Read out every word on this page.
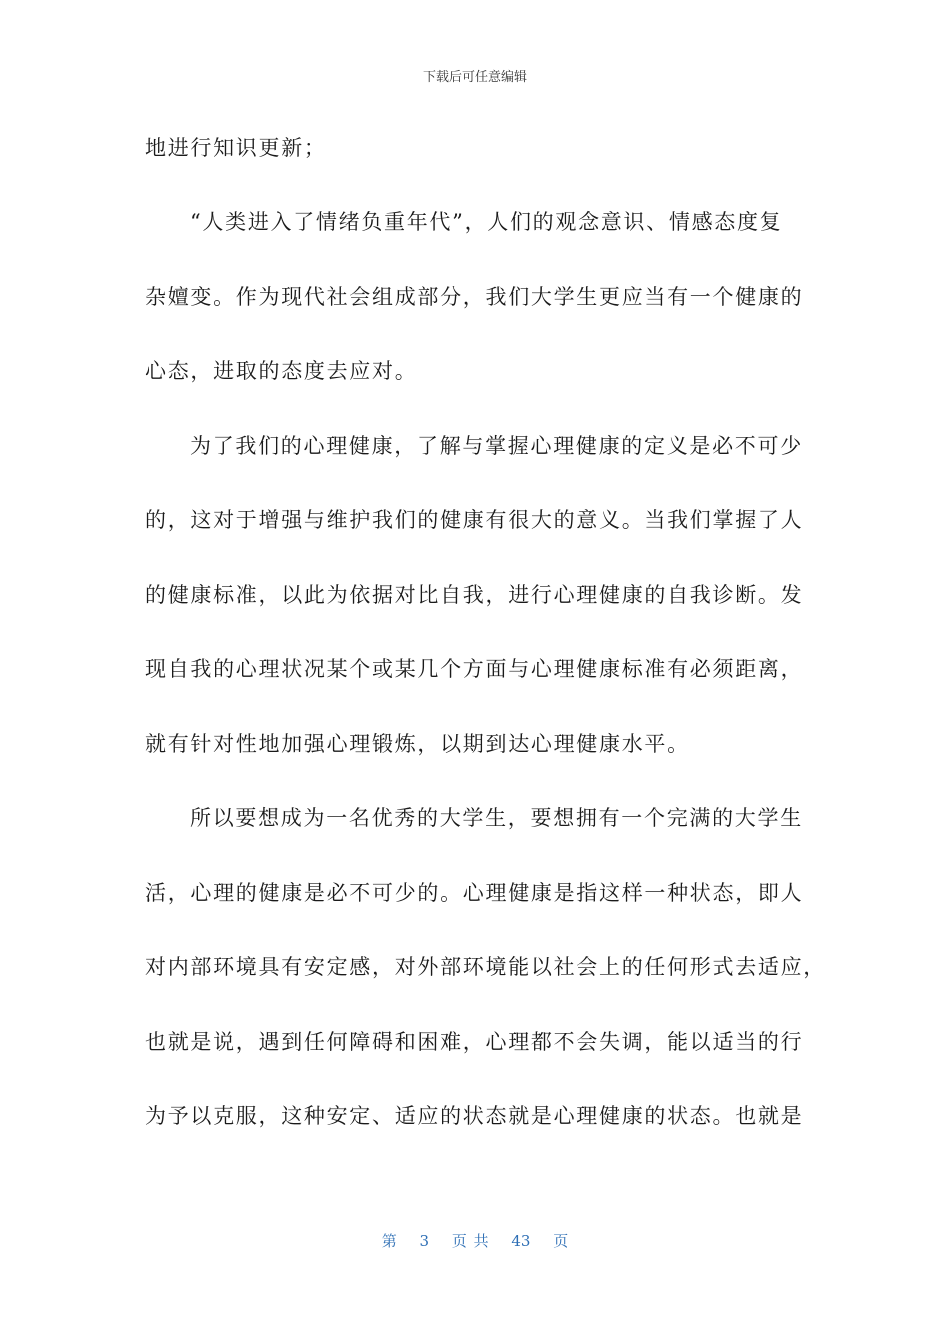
下载后可任意编辑
地进行知识更新；
“人类进入了情绪负重年代”，人们的观念意识、情感态度复
杂嬗变。作为现代社会组成部分，我们大学生更应当有一个健康的
心态，进取的态度去应对。
为了我们的心理健康，了解与掌握心理健康的定义是必不可少
的，这对于增强与维护我们的健康有很大的意义。当我们掌握了人
的健康标准，以此为依据对比自我，进行心理健康的自我诊断。发
现自我的心理状况某个或某几个方面与心理健康标准有必须距离，
就有针对性地加强心理锻炼，以期到达心理健康水平。
所以要想成为一名优秀的大学生，要想拥有一个完满的大学生
活，心理的健康是必不可少的。心理健康是指这样一种状态，即人
对内部环境具有安定感，对外部环境能以社会上的任何形式去适应，
也就是说，遇到任何障碍和困难，心理都不会失调，能以适当的行
为予以克服，这种安定、适应的状态就是心理健康的状态。也就是
第 3 页 共 43 页
